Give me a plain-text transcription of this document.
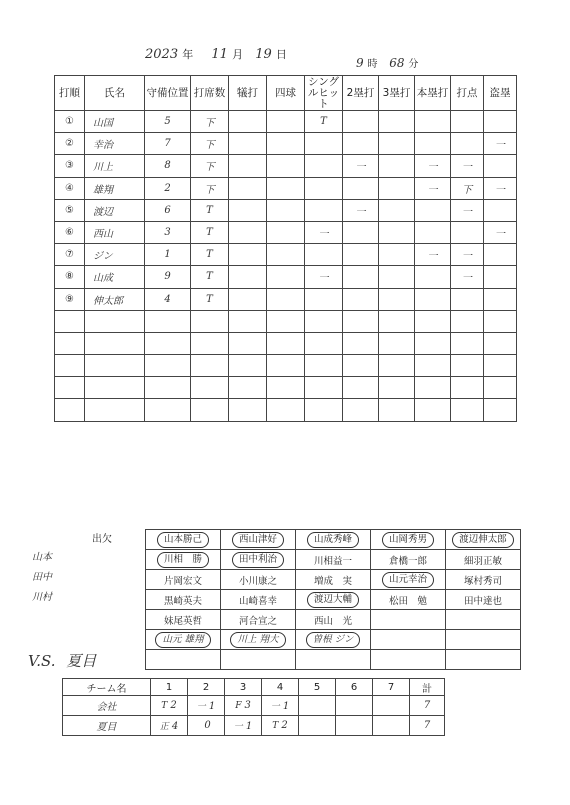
2023 年 11 月 19 日
9 時 68 分
打順	氏名	守備位置	打席数	犠打	四球	シングルヒット	2塁打	3塁打	本塁打	打点	盗塁
①	山国	5	下			T					
②	幸治	7	下								一
③	川上	8	下				一		一	一	
④	雄翔	2	下						一	下	一
⑤	渡辺	6	T				一			一	
⑥	西山	3	T			一					一
⑦	ジン	1	T						一	一	
⑧	山成	9	T			一				一	
⑨	伸太郎	4	T								

出欠
山本
田中
川村
山本勝己	西山津好	山成秀峰	山岡秀男	渡辺伸太郎
川相　勝	田中利治	川相益一	倉橋一郎	細羽正敏
片岡宏文	小川康之	増成　実	山元幸治	塚村秀司
黒崎英夫	山崎喜幸	渡辺大輔	松田　勉	田中達也
妹尾英哲	河合宣之	西山　光		
山元 雄翔	川上 翔大	曽根 ジン		

V.S. 夏目
チーム名	1	2	3	4	5	6	7	計
会社	T 2	一 1	F 3	一 1				7
夏目	正 4	0	一 1	T 2				7
